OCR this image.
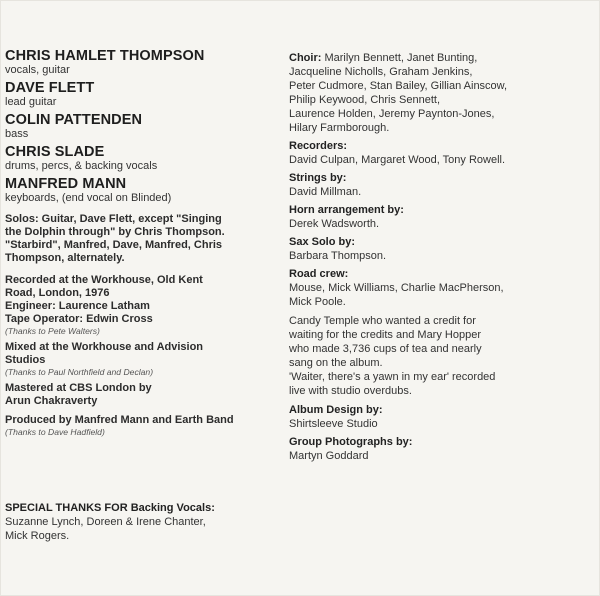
CHRIS HAMLET THOMPSON

vocals, guitar

DAVE FLETT

lead guitar

COLIN PATTENDEN

bass

CHRIS SLADE

drums, percs, & backing vocals

MANFRED MANN

keyboards, (end vocal on Blinded)

Solos: Guitar, Dave Flett, except "Singing
the Dolphin through" by Chris Thompson.
"Starbird", Manfred, Dave, Manfred, Chris
Thompson, alternately.
Recorded at the Workhouse, Old Kent
Road, London, 1976
Engineer: Laurence Latham
Tape Operator: Edwin Cross

(Thanks to Pete Walters)

Mixed at the Workhouse and Advision
Studios

(Thanks to Paul Northfield and Declan)

Mastered at CBS London by
Arun Chakraverty
Produced by Manfred Mann and Earth Band

(Thanks to Dave Hadfield)

SPECIAL THANKS FOR Backing Vocals:

Suzanne Lynch, Doreen & Irene Chanter,
Mick Rogers.
Choir: Marilyn Bennett, Janet Bunting,
Jacqueline Nicholls, Graham Jenkins,
Peter Cudmore, Stan Bailey, Gillian Ainscow,
Philip Keywood, Chris Sennett,
Laurence Holden, Jeremy Paynton-Jones,
Hilary Farmborough.

Recorders:

David Culpan, Margaret Wood, Tony Rowell.

Strings by:

David Millman.

Horn arrangement by:

Derek Wadsworth.

Sax Solo by:

Barbara Thompson.

Road crew:

Mouse, Mick Williams, Charlie MacPherson,
Mick Poole.
Candy Temple who wanted a credit for
waiting for the credits and Mary Hopper
who made 3,736 cups of tea and nearly
sang on the album.
'Waiter, there's a yawn in my ear' recorded
live with studio overdubs.

Album Design by:

Shirtsleeve Studio

Group Photographs by:

Martyn Goddard
